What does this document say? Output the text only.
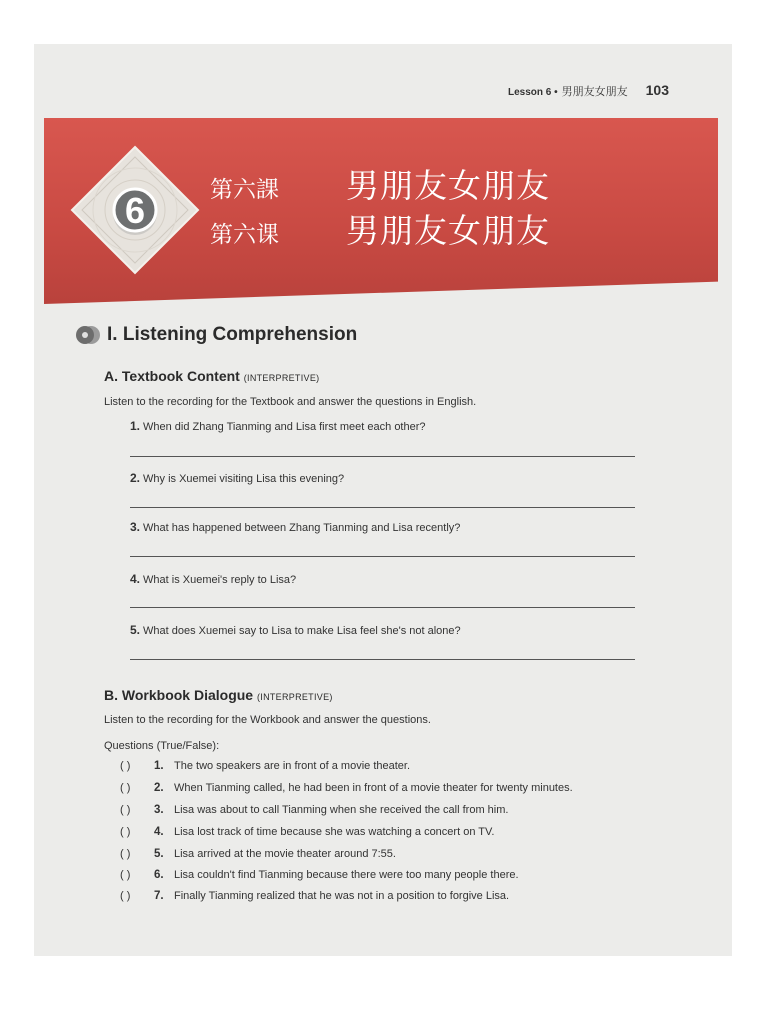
Lesson 6 • 男朋友女朋友 103
6	第六課	男朋友女朋友
第六课	男朋友女朋友
I. Listening Comprehension
A. Textbook Content (INTERPRETIVE)
Listen to the recording for the Textbook and answer the questions in English.
1. When did Zhang Tianming and Lisa first meet each other?
2. Why is Xuemei visiting Lisa this evening?
3. What has happened between Zhang Tianming and Lisa recently?
4. What is Xuemei's reply to Lisa?
5. What does Xuemei say to Lisa to make Lisa feel she's not alone?
B. Workbook Dialogue (INTERPRETIVE)
Listen to the recording for the Workbook and answer the questions.
Questions (True/False):
( )	1. The two speakers are in front of a movie theater.
( )	2. When Tianming called, he had been in front of a movie theater for twenty minutes.
( )	3. Lisa was about to call Tianming when she received the call from him.
( )	4. Lisa lost track of time because she was watching a concert on TV.
( )	5. Lisa arrived at the movie theater around 7:55.
( )	6. Lisa couldn't find Tianming because there were too many people there.
( )	7. Finally Tianming realized that he was not in a position to forgive Lisa.
